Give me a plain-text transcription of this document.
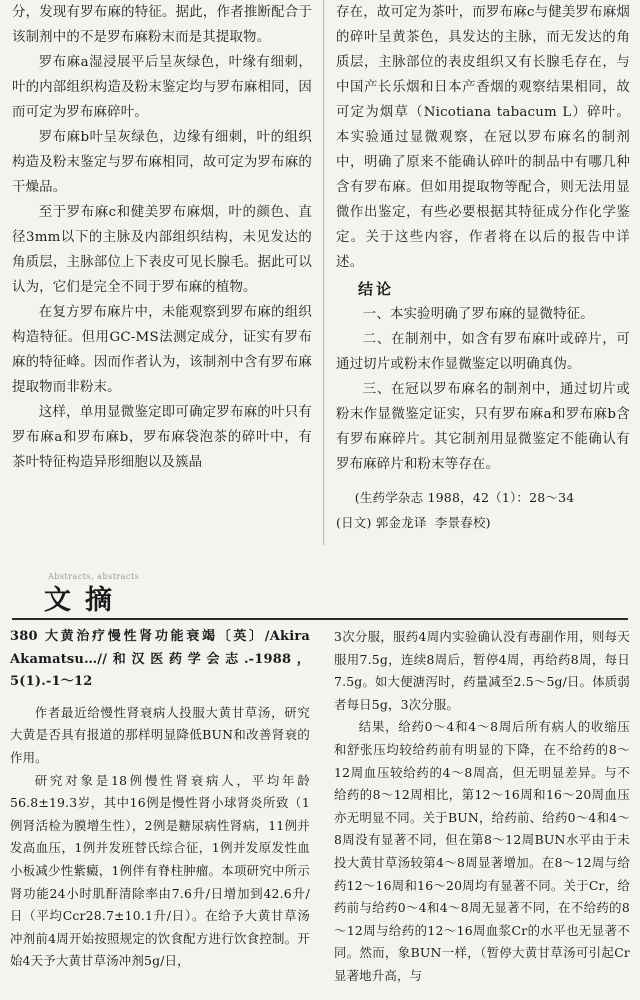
分，发现有罗布麻的特征。据此，作者推断配合于该制剂中的不是罗布麻粉末而是其提取物。

罗布麻a湿浸展平后呈灰绿色，叶缘有细刺，叶的内部组织构造及粉末鉴定均与罗布麻相同，因而可定为罗布麻碎叶。

罗布麻b叶呈灰绿色，边缘有细刺，叶的组织构造及粉末鉴定与罗布麻相同，故可定为罗布麻的干燥品。

至于罗布麻c和健美罗布麻烟，叶的颜色、直径3mm以下的主脉及内部组织结构，未见发达的角质层，主脉部位上下表皮可见长腺毛。据此可以认为，它们是完全不同于罗布麻的植物。

在复方罗布麻片中，未能观察到罗布麻的组织构造特征。但用GC-MS法测定成分，证实有罗布麻的特征峰。因而作者认为，该制剂中含有罗布麻提取物而非粉末。

这样，单用显微鉴定即可确定罗布麻的叶只有罗布麻a和罗布麻b，罗布麻袋泡茶的碎叶中，有茶叶特征构造异形细胞以及簇晶

存在，故可定为茶叶，而罗布麻c与健美罗布麻烟的碎叶呈黄茶色，具发达的主脉，而无发达的角质层，主脉部位的表皮组织又有长腺毛存在，与中国产长乐烟和日本产香烟的观察结果相同，故可定为烟草（Nicotiana tabacum L）碎叶。本实验通过显微观察，在冠以罗布麻名的制剂中，明确了原来不能确认碎叶的制品中有哪几种含有罗布麻。但如用提取物等配合，则无法用显微作出鉴定，有些必要根据其特征成分作化学鉴定。关于这些内容，作者将在以后的报告中详述。

结论

一、本实验明确了罗布麻的显微特征。

二、在制剂中，如含有罗布麻叶或碎片，可通过切片或粉末作显微鉴定以明确真伪。

三、在冠以罗布麻名的制剂中，通过切片或粉末作显微鉴定证实，只有罗布麻a和罗布麻b含有罗布麻碎片。其它制剂用显微鉴定不能确认有罗布麻碎片和粉末等存在。

(生药学杂志 1988，42（1）：28～34

(日文) 郭金龙译  李景春校)

Abstracts, abstracts
文摘

380 大黄治疗慢性肾功能衰竭〔英〕/Akira Akamatsu…//和汉医药学会志.-1988，5(1).-1～12

作者最近给慢性肾衰病人投服大黄甘草汤，研究大黄是否具有报道的那样明显降低BUN和改善肾衰的作用。

研究对象是18例慢性肾衰病人，平均年龄56.8±19.3岁，其中16例是慢性肾小球肾炎所致（1例肾活检为膜增生性），2例是糖尿病性肾病，11例并发高血压，1例并发班替氏综合征，1例并发原发性血小板减少性紫癜，1例伴有脊柱肿瘤。本项研究中所示肾功能24小时肌酐清除率由7.6升/日增加到42.6升/日（平均Ccr28.7±10.1升/日）。在给予大黄甘草汤冲剂前4周开始按照规定的饮食配方进行饮食控制。开始4天予大黄甘草汤冲剂5g/日，

3次分服，服药4周内实验确认没有毒副作用，则每天服用7.5g，连续8周后，暂停4周，再给药8周，每日7.5g。如大便溏泻时，药量减至2.5～5g/日。体质弱者每日5g，3次分服。

结果，给药0～4和4～8周后所有病人的收缩压和舒张压均较给药前有明显的下降，在不给药的8～12周血压较给药的4～8周高，但无明显差异。与不给药的8～12周相比，第12～16周和16～20周血压亦无明显不同。关于BUN，给药前、给药0～4和4～8周没有显著不同，但在第8～12周BUN水平由于未投大黄甘草汤较第4～8周显著增加。在8～12周与给药12～16周和16～20周均有显著不同。关于Cr，给药前与给药0～4和4～8周无显著不同，在不给药的8～12周与给药的12～16周血浆Cr的水平也无显著不同。然而，象BUN一样，（暂停大黄甘草汤可引起Cr显著地升高，与
